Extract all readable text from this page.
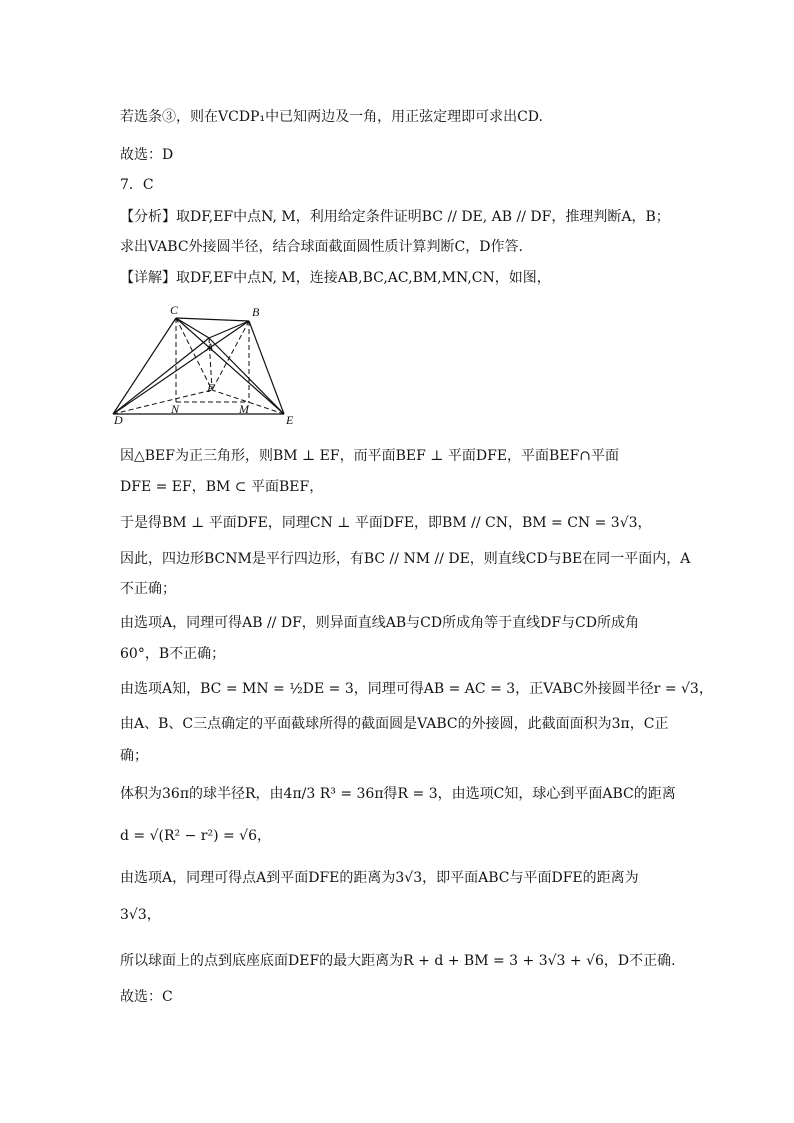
若选条③，则在VCDP₁中已知两边及一角，用正弦定理即可求出CD.
故选：D
7．C
【分析】取DF,EF中点N, M，利用给定条件证明BC // DE, AB // DF，推理判断A，B；
求出VABC外接圆半径，结合球面截面圆性质计算判断C，D作答.
【详解】取DF,EF中点N, M，连接AB,BC,AC,BM,MN,CN，如图，
C	B
A
F
N	M
D	E
因△BEF为正三角形，则BM ⊥ EF，而平面BEF ⊥ 平面DFE，平面BEF∩平面
DFE = EF，BM ⊂ 平面BEF，
于是得BM ⊥ 平面DFE，同理CN ⊥ 平面DFE，即BM // CN，BM = CN = 3√3，
因此，四边形BCNM是平行四边形，有BC // NM // DE，则直线CD与BE在同一平面内，A
不正确；
由选项A，同理可得AB // DF，则异面直线AB与CD所成角等于直线DF与CD所成角
60°，B不正确；
由选项A知，BC = MN = ½DE = 3，同理可得AB = AC = 3，正VABC外接圆半径r = √3，
由A、B、C三点确定的平面截球所得的截面圆是VABC的外接圆，此截面面积为3π，C正
确；
体积为36π的球半径R，由4π/3 R³ = 36π得R = 3，由选项C知，球心到平面ABC的距离
d = √(R² − r²) = √6，
由选项A，同理可得点A到平面DFE的距离为3√3，即平面ABC与平面DFE的距离为
3√3，
所以球面上的点到底座底面DEF的最大距离为R + d + BM = 3 + 3√3 + √6，D不正确.
故选：C
